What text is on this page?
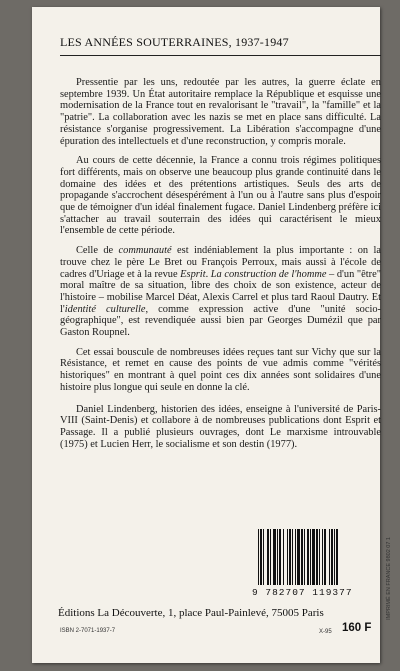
LES ANNÉES SOUTERRAINES, 1937-1947

Pressentie par les uns, redoutée par les autres, la guerre éclate en septembre 1939. Un État autoritaire remplace la République et esquisse une modernisation de la France tout en revalorisant le "travail", la "famille" et la "patrie". La collaboration avec les nazis se met en place sans difficulté. La résistance s'organise progressivement. La Libération s'accompagne d'une épuration des intellectuels et d'une reconstruction, y compris morale.

Au cours de cette décennie, la France a connu trois régimes politiques fort différents, mais on observe une beaucoup plus grande continuité dans le domaine des idées et des prétentions artistiques. Seuls des arts de propagande s'accrochent désespérément à l'un ou à l'autre sans plus d'espoir que de témoigner d'un idéal finalement fugace. Daniel Lindenberg préfère ici s'attacher au travail souterrain des idées qui caractérisent le mieux l'ensemble de cette période.

Celle de communauté est indéniablement la plus importante : on la trouve chez le père Le Bret ou François Perroux, mais aussi à l'école de cadres d'Uriage et à la revue Esprit. La construction de l'homme – d'un "être" moral maître de sa situation, libre des choix de son existence, acteur de l'histoire – mobilise Marcel Déat, Alexis Carrel et plus tard Raoul Dautry. Et l'identité culturelle, comme expression active d'une "unité socio-géographique", est revendiquée aussi bien par Georges Dumézil que par Gaston Roupnel.

Cet essai bouscule de nombreuses idées reçues tant sur Vichy que sur la Résistance, et remet en cause des points de vue admis comme "vérités historiques" en montrant à quel point ces dix années sont solidaires d'une histoire plus longue qui seule en donne la clé.

Daniel Lindenberg, historien des idées, enseigne à l'université de Paris-VIII (Saint-Denis) et collabore à de nombreuses publications dont Esprit et Passage. Il a publié plusieurs ouvrages, dont Le marxisme introuvable (1975) et Lucien Herr, le socialisme et son destin (1977).

9 782707 119377	IMPRIMÉ EN FRANCE 9802 07 1
Éditions La Découverte, 1, place Paul-Painlevé, 75005 Paris
ISBN 2-7071-1937-7	X-95 160 F
